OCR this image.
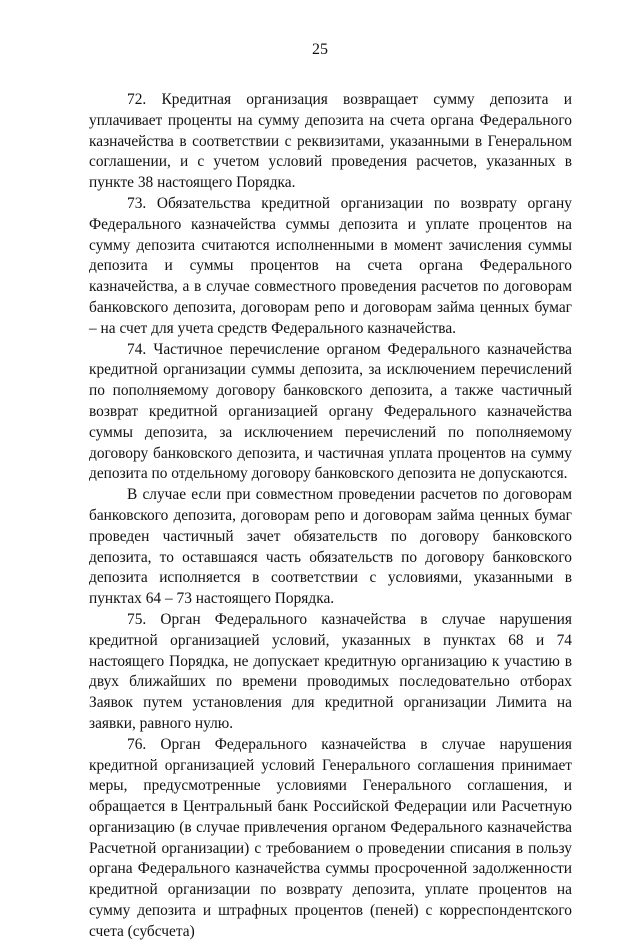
25

72. Кредитная организация возвращает сумму депозита и уплачивает проценты на сумму депозита на счета органа Федерального казначейства в соответствии с реквизитами, указанными в Генеральном соглашении, и с учетом условий проведения расчетов, указанных в пункте 38 настоящего Порядка.

73. Обязательства кредитной организации по возврату органу Федерального казначейства суммы депозита и уплате процентов на сумму депозита считаются исполненными в момент зачисления суммы депозита и суммы процентов на счета органа Федерального казначейства, а в случае совместного проведения расчетов по договорам банковского депозита, договорам репо и договорам займа ценных бумаг – на счет для учета средств Федерального казначейства.

74. Частичное перечисление органом Федерального казначейства кредитной организации суммы депозита, за исключением перечислений по пополняемому договору банковского депозита, а также частичный возврат кредитной организацией органу Федерального казначейства суммы депозита, за исключением перечислений по пополняемому договору банковского депозита, и частичная уплата процентов на сумму депозита по отдельному договору банковского депозита не допускаются.

В случае если при совместном проведении расчетов по договорам банковского депозита, договорам репо и договорам займа ценных бумаг проведен частичный зачет обязательств по договору банковского депозита, то оставшаяся часть обязательств по договору банковского депозита исполняется в соответствии с условиями, указанными в пунктах 64 – 73 настоящего Порядка.

75. Орган Федерального казначейства в случае нарушения кредитной организацией условий, указанных в пунктах 68 и 74 настоящего Порядка, не допускает кредитную организацию к участию в двух ближайших по времени проводимых последовательно отборах Заявок путем установления для кредитной организации Лимита на заявки, равного нулю.

76. Орган Федерального казначейства в случае нарушения кредитной организацией условий Генерального соглашения принимает меры, предусмотренные условиями Генерального соглашения, и обращается в Центральный банк Российской Федерации или Расчетную организацию (в случае привлечения органом Федерального казначейства Расчетной организации) с требованием о проведении списания в пользу органа Федерального казначейства суммы просроченной задолженности кредитной организации по возврату депозита, уплате процентов на сумму депозита и штрафных процентов (пеней) с корреспондентского счета (субсчета)
